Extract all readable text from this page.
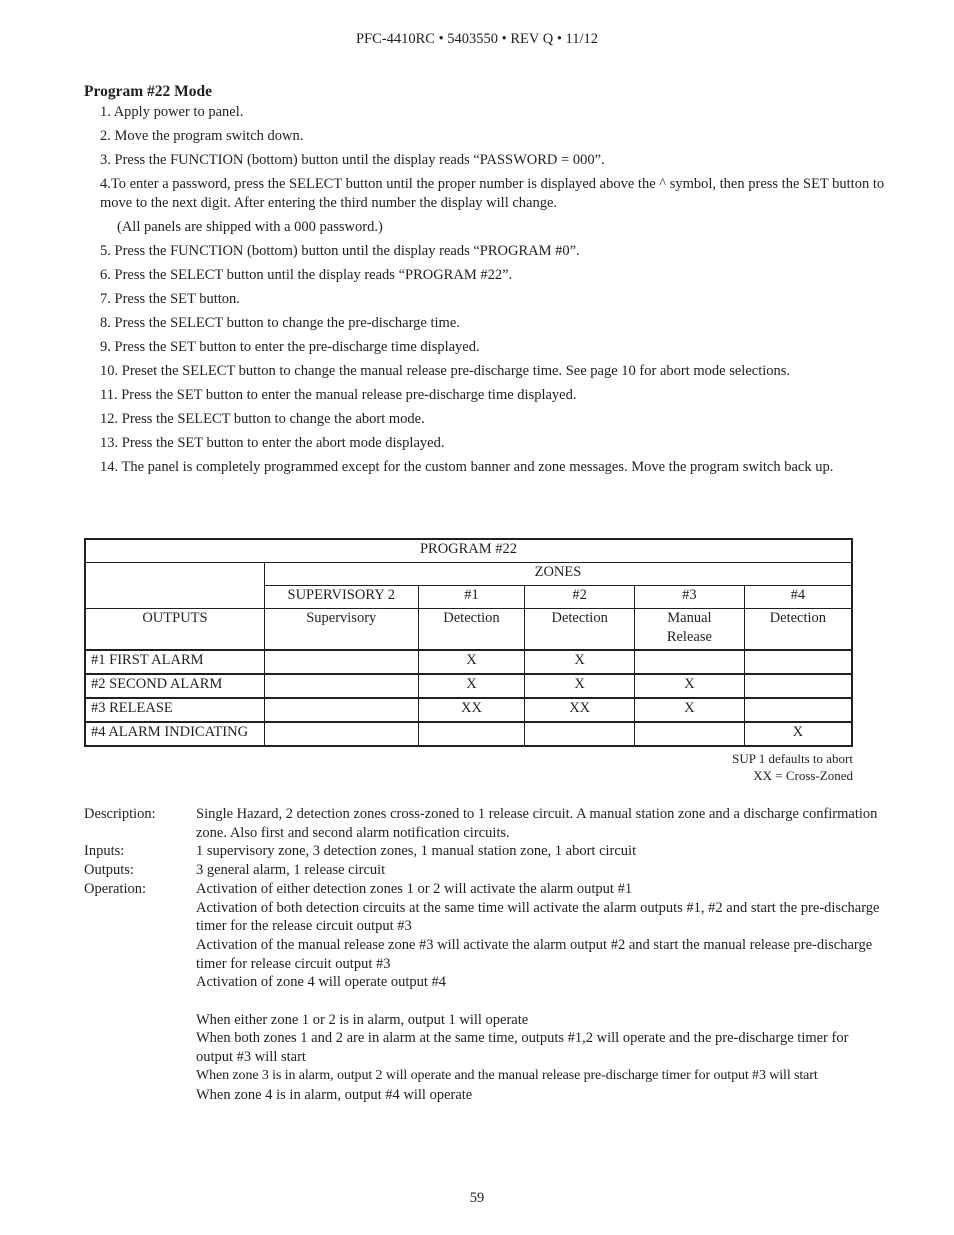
PFC-4410RC • 5403550 • REV Q • 11/12
Program #22 Mode
1. Apply power to panel.
2. Move the program switch down.
3. Press the FUNCTION (bottom) button until the display reads “PASSWORD = 000”.
4.To enter a password, press the SELECT button until the proper number is displayed above the ^ symbol, then press the SET button to move to the next digit. After entering the third number the display will change.
(All panels are shipped with a 000 password.)
5. Press the FUNCTION (bottom) button until the display reads “PROGRAM #0”.
6. Press the SELECT button until the display reads “PROGRAM #22”.
7. Press the SET button.
8. Press the SELECT button to change the pre-discharge time.
9. Press the SET button to enter the pre-discharge time displayed.
10. Preset the SELECT button to change the manual release pre-discharge time. See page 10 for abort mode selections.
11. Press the SET button to enter the manual release pre-discharge time displayed.
12. Press the SELECT button to change the abort mode.
13. Press the SET button to enter the abort mode displayed.
14. The panel is completely programmed except for the custom banner and zone messages. Move the program switch back up.
PROGRAM #22					
	ZONES				
	SUPERVISORY 2	#1	#2	#3	#4
OUTPUTS	Supervisory	Detection	Detection	Manual Release	Detection
#1 FIRST ALARM		X	X		
#2 SECOND ALARM		X	X	X	
#3 RELEASE		XX	XX	X	
#4 ALARM INDICATING					X
SUP 1 defaults to abort
XX = Cross-Zoned
Description:	Single Hazard, 2 detection zones cross-zoned to 1 release circuit. A manual station zone and a discharge confirmation zone. Also first and second alarm notification circuits.
Inputs:	1 supervisory zone, 3 detection zones, 1 manual station zone, 1 abort circuit
Outputs:	3 general alarm, 1 release circuit
Operation:	Activation of either detection zones 1 or 2 will activate the alarm output #1
Activation of both detection circuits at the same time will activate the alarm outputs #1, #2 and start the pre-discharge timer for the release circuit output #3
Activation of the manual release zone #3 will activate the alarm output #2 and start the manual release pre-discharge timer for release circuit output #3
Activation of zone 4 will operate output #4
When either zone 1 or 2 is in alarm, output 1 will operate
When both zones 1 and 2 are in alarm at the same time, outputs #1,2 will operate and the pre-discharge timer for output #3 will start
When zone 3 is in alarm, output 2 will operate and the manual release pre-discharge timer for output #3 will start
When zone 4 is in alarm, output #4 will operate
59
